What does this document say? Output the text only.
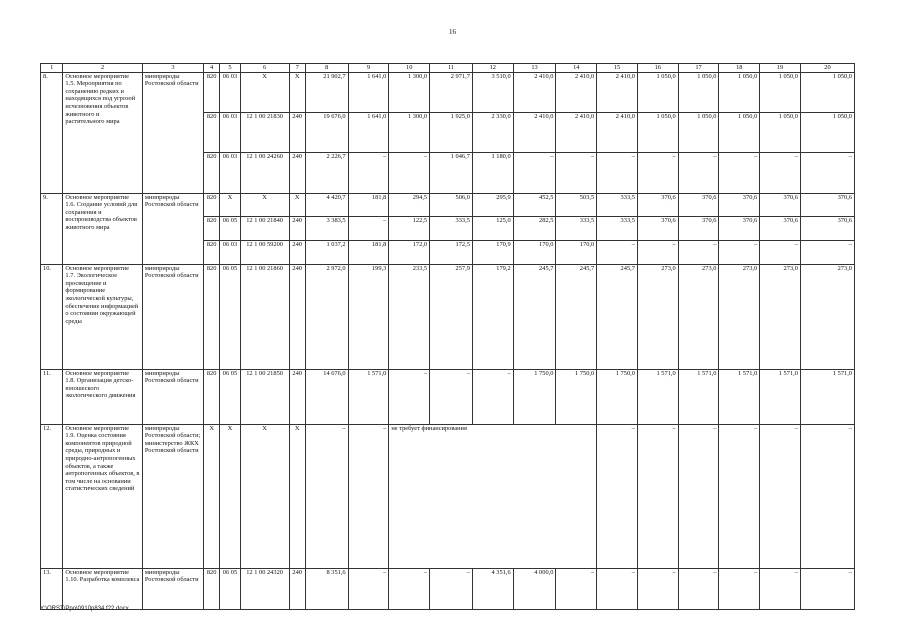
16
1	2	3	4	5	6	7	8	9	10	11	12	13	14	15	16	17	18	19	20
8.	Основное мероприятие 1.5. Мероприятия по сохранению редких и находящихся под угрозой исчезновения объектов животного и растительного мира	минприроды Ростовской области	820	06 03	Х	Х	21 902,7	1 641,0	1 300,0	2 971,7	3 510,0	2 410,0	2 410,0	2 410,0	1 050,0	1 050,0	1 050,0	1 050,0	1 050,0
			820	06 03	12 1 00 21830	240	19 676,0	1 641,0	1 300,0	1 925,0	2 330,0	2 410,0	2 410,0	2 410,0	1 050,0	1 050,0	1 050,0	1 050,0	1 050,0
			820	06 03	12 1 00 24260	240	2 226,7	–	–	1 046,7	1 180,0	–	–	–	–	–	–	–	–
9.	Основное мероприятие 1.6. Создание условий для сохранения и воспроизводства объектов животного мира	минприроды Ростовской области	820	Х	Х	Х	4 420,7	181,8	294,5	506,0	295,9	452,5	503,5	333,5	370,6	370,6	370,6	370,6	370,6
			820	06 05	12 1 00 21840	240	3 383,5	–	122,5	333,5	125,0	282,5	333,5	333,5	370,6	370,6	370,6	370,6	370,6
			820	06 03	12 1 00 59200	240	1 037,2	181,8	172,0	172,5	170,9	170,0	170,0	–	–	–	–	–	–
10.	Основное мероприятие 1.7. Экологическое просвещение и формирование экологической культуры, обеспечение информацией о состоянии окружающей среды	минприроды Ростовской области	820	06 05	12 1 00 21860	240	2 972,0	199,3	233,5	257,9	179,2	245,7	245,7	245,7	273,0	273,0	273,0	273,0	273,0
11.	Основное мероприятие 1.8. Организация детско-юношеского экологического движения	минприроды Ростовской области	820	06 05	12 1 00 21850	240	14 676,0	1 571,0	–	–	–	1 750,0	1 750,0	1 750,0	1 571,0	1 571,0	1 571,0	1 571,0	1 571,0
12.	Основное мероприятие 1.9. Оценка состояния компонентов природной среды, природных и природно-антропогенных объектов, а также антропогенных объектов, в том числе на основании статистических сведений	минприроды Ростовской области; министерство ЖКХ Ростовской области	Х	Х	Х	Х	–	–	не требует финансирования					–	–	–	–	–	–
13.	Основное мероприятие 1.10. Разработка комплекса	минприроды Ростовской области	820	06 05	12 1 00 24320	240	8 351,6	–	–	–	4 351,6	4 000,0	–	–	–	–	–	–	–
Y:\ORST\Ppo\0910p834.f22.docx
